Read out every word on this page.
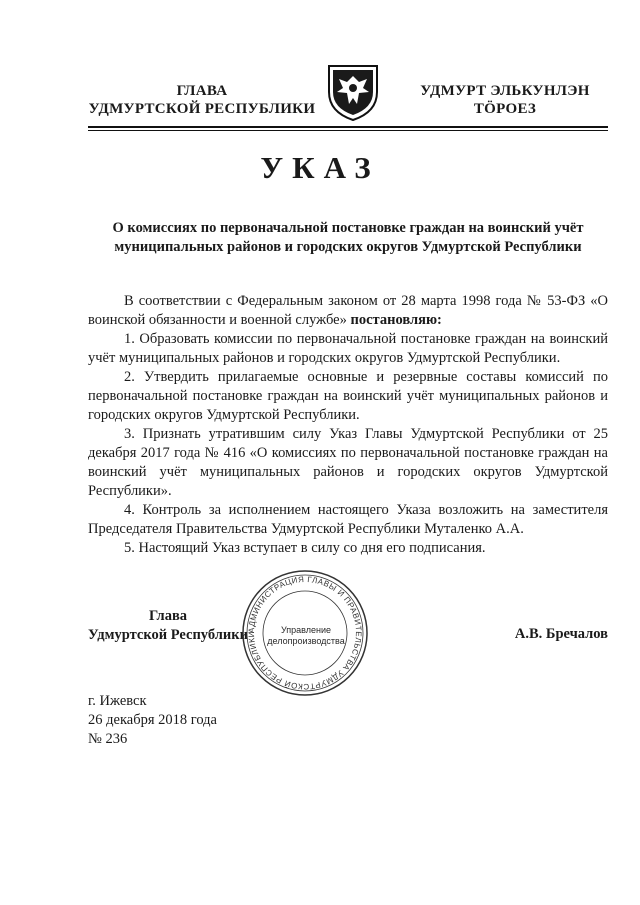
ГЛАВА
УДМУРТСКОЙ РЕСПУБЛИКИ
УДМУРТ ЭЛЬКУНЛЭН
ТӦРОЕЗ
УКАЗ
О комиссиях по первоначальной постановке граждан на воинский учёт
муниципальных районов и городских округов Удмуртской Республики

В соответствии с Федеральным законом от 28 марта 1998 года № 53-ФЗ «О воинской обязанности и военной службе» постановляю:

1. Образовать комиссии по первоначальной постановке граждан на воинский учёт муниципальных районов и городских округов Удмуртской Республики.

2. Утвердить прилагаемые основные и резервные составы комиссий по первоначальной постановке граждан на воинский учёт муниципальных районов и городских округов Удмуртской Республики.

3. Признать утратившим силу Указ Главы Удмуртской Республики от 25 декабря 2017 года № 416 «О комиссиях по первоначальной постановке граждан на воинский учёт муниципальных районов и городских округов Удмуртской Республики».

4. Контроль за исполнением настоящего Указа возложить на заместителя Председателя Правительства Удмуртской Республики Муталенко А.А.

5. Настоящий Указ вступает в силу со дня его подписания.

Глава
Удмуртской Республики
АДМИНИСТРАЦИЯ ГЛАВЫ И ПРАВИТЕЛЬСТВА УДМУРТСКОЙ РЕСПУБЛИКИ	Управление
делопроизводства	А.В. Бречалов
г. Ижевск
26 декабря 2018 года
№ 236
